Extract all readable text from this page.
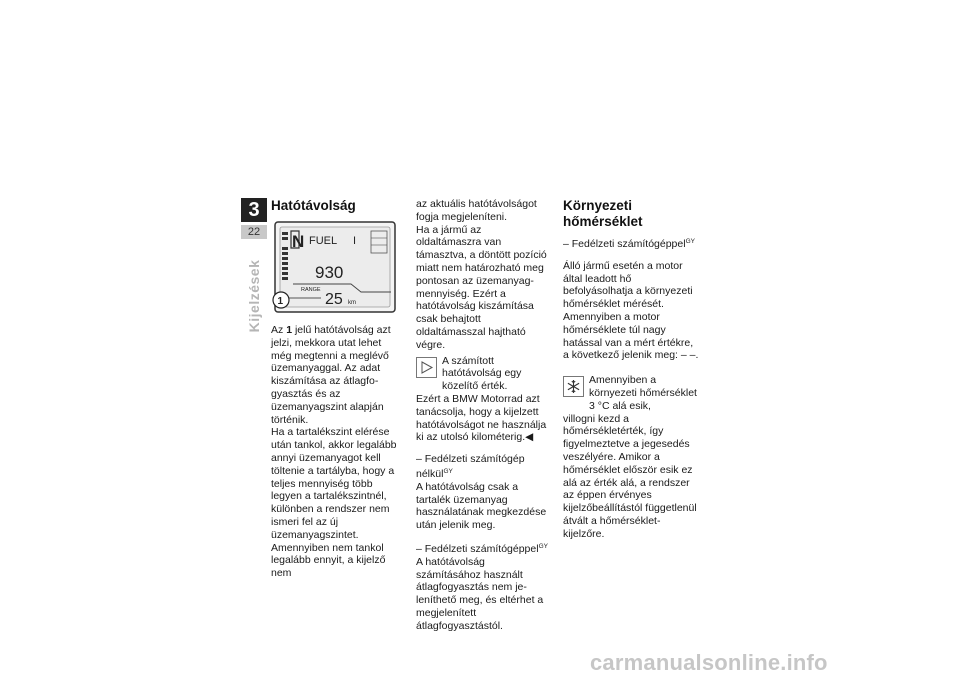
3
22
Kijelzések
Hatótávolság
N FUEL I
930
RANGE
25 km
1

Az 1 jelű hatótávolság azt jelzi, mekkora utat lehet még megtenni a meglévő üzemanyaggal. Az adat kiszámítása az átlagfogyasztás és az üzemanyagszint alapján történik.

Ha a tartalékszint elérése után tankol, akkor legalább annyi üzemanyagot kell töltenie a tartályba, hogy a teljes mennyiség több legyen a tartalékszintnél, különben a rendszer nem ismeri fel az új üzemanyagszintet. Amennyiben nem tankol legalább ennyit, a kijelző nem

az aktuális hatótávolságot fogja megjeleníteni.

Ha a jármű az oldaltámaszra van támasztva, a döntött pozíció miatt nem határozható meg pontosan az üzemanyag-mennyiség. Ezért a hatótávolság kiszámítása csak behajtott oldaltámasszal hajtható végre.

A számított hatótávolság egy közelítő érték.

Ezért a BMW Motorrad azt tanácsolja, hogy a kijelzett hatótávolságot ne használja ki az utolsó kilométerig.◀

– Fedélzeti számítógép nélkül$^{GY}$

A hatótávolság csak a tartalék üzemanyag használatának megkezdése után jelenik meg.

– Fedélzeti számítógéppel$^{GY}$

A hatótávolság számításához használt átlagfogyasztás nem jeleníthető meg, és eltérhet a megjelenített átlagfogyasztástól.

Környezeti hőmérséklet

– Fedélzeti számítógéppel$^{GY}$

Álló jármű esetén a motor által leadott hő befolyásolhatja a környezeti hőmérséklet mérését. Amennyiben a motor hőmérséklete túl nagy hatással van a mért értékre, a következő jelenik meg: – –.

Amennyiben a környezeti hőmérséklet 3 °C alá esik,

villogni kezd a hőmérsékletérték, így figyelmeztetve a jegesedés veszélyére. Amikor a hőmérséklet először esik ez alá az érték alá, a rendszer az éppen érvényes kijelzőbeállítástól függetlenül átvált a hőmérséklet-kijelzőre.

carmanualsonline.info
